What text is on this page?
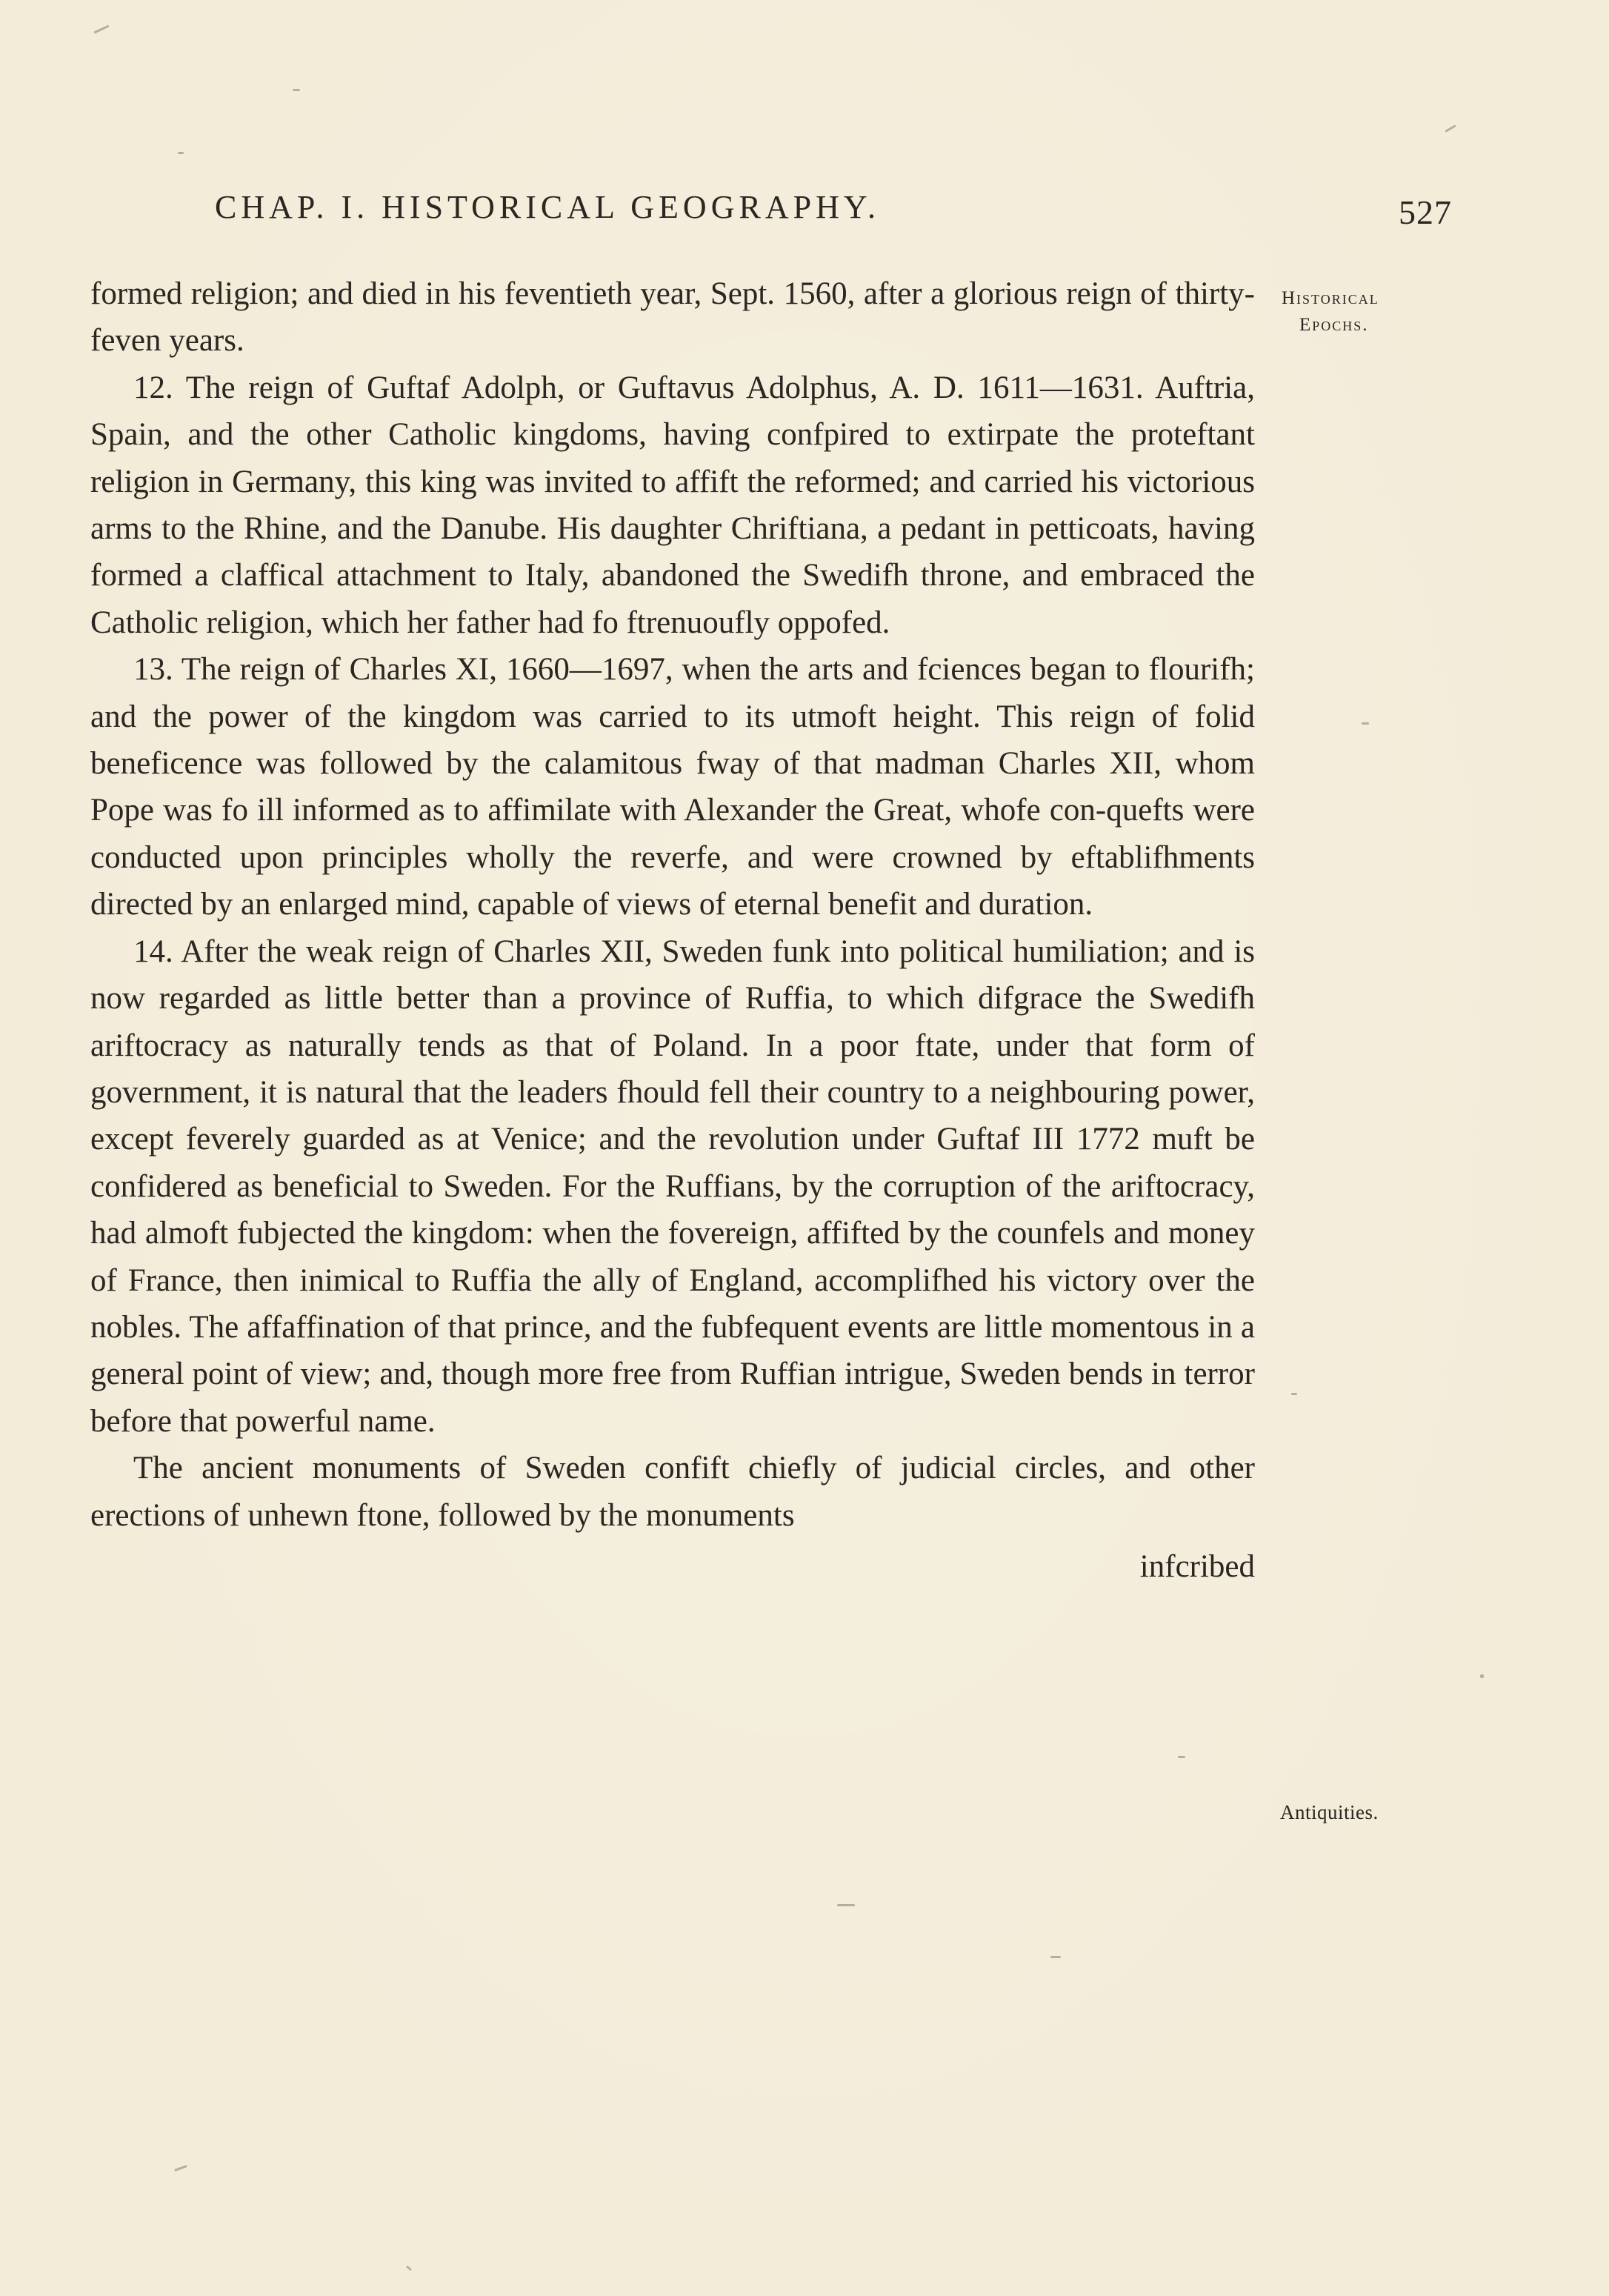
CHAP. I. HISTORICAL GEOGRAPHY.	527
Historical
Epochs.
Antiquities.

formed religion; and died in his feventieth year, Sept. 1560, after a glorious reign of thirty-feven years.

12. The reign of Guftaf Adolph, or Guftavus Adolphus, A. D. 1611—1631. Auftria, Spain, and the other Catholic kingdoms, having confpired to extirpate the proteftant religion in Germany, this king was invited to affift the reformed; and carried his victorious arms to the Rhine, and the Danube. His daughter Chriftiana, a pedant in petticoats, having formed a claffical attachment to Italy, abandoned the Swedifh throne, and embraced the Catholic religion, which her father had fo ftrenuoufly oppofed.

13. The reign of Charles XI, 1660—1697, when the arts and fciences began to flourifh; and the power of the kingdom was carried to its utmoft height. This reign of folid beneficence was followed by the calamitous fway of that madman Charles XII, whom Pope was fo ill informed as to affimilate with Alexander the Great, whofe con-quefts were conducted upon principles wholly the reverfe, and were crowned by eftablifhments directed by an enlarged mind, capable of views of eternal benefit and duration.

14. After the weak reign of Charles XII, Sweden funk into political humiliation; and is now regarded as little better than a province of Ruffia, to which difgrace the Swedifh ariftocracy as naturally tends as that of Poland. In a poor ftate, under that form of government, it is natural that the leaders fhould fell their country to a neighbouring power, except feverely guarded as at Venice; and the revolution under Guftaf III 1772 muft be confidered as beneficial to Sweden. For the Ruffians, by the corruption of the ariftocracy, had almoft fubjected the kingdom: when the fovereign, affifted by the counfels and money of France, then inimical to Ruffia the ally of England, accomplifhed his victory over the nobles. The affaffination of that prince, and the fubfequent events are little momentous in a general point of view; and, though more free from Ruffian intrigue, Sweden bends in terror before that powerful name.

The ancient monuments of Sweden confift chiefly of judicial circles, and other erections of unhewn ftone, followed by the monuments

infcribed
